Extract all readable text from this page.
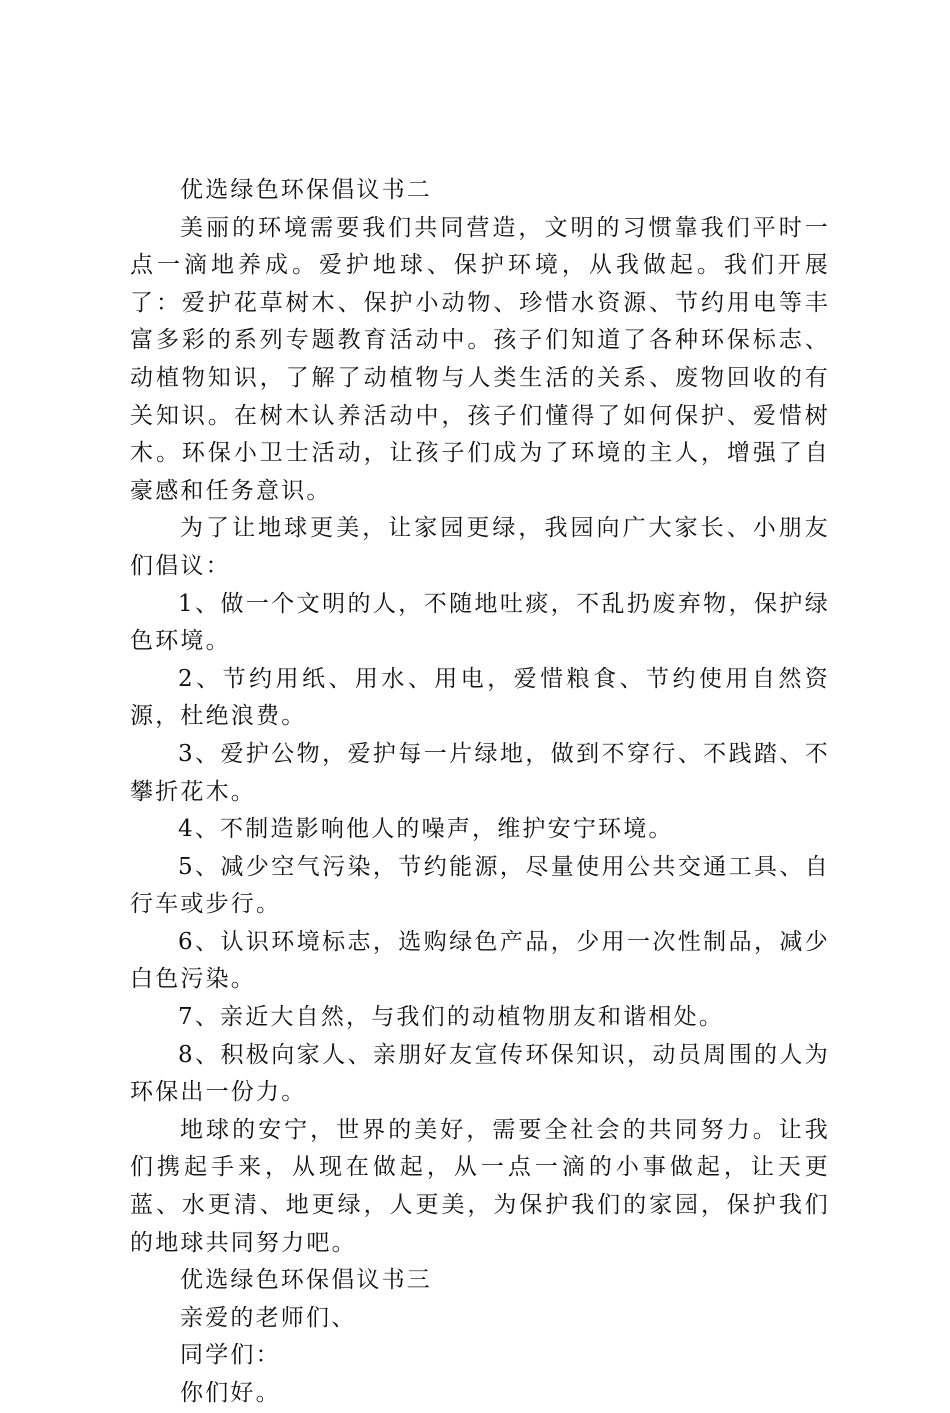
优选绿色环保倡议书二

美丽的环境需要我们共同营造，文明的习惯靠我们平时一点一滴地养成。爱护地球、保护环境，从我做起。我们开展了：爱护花草树木、保护小动物、珍惜水资源、节约用电等丰富多彩的系列专题教育活动中。孩子们知道了各种环保标志、动植物知识，了解了动植物与人类生活的关系、废物回收的有关知识。在树木认养活动中，孩子们懂得了如何保护、爱惜树木。环保小卫士活动，让孩子们成为了环境的主人，增强了自豪感和任务意识。

为了让地球更美，让家园更绿，我园向广大家长、小朋友们倡议：

1、做一个文明的人，不随地吐痰，不乱扔废弃物，保护绿色环境。

2、节约用纸、用水、用电，爱惜粮食、节约使用自然资源，杜绝浪费。

3、爱护公物，爱护每一片绿地，做到不穿行、不践踏、不攀折花木。

4、不制造影响他人的噪声，维护安宁环境。

5、减少空气污染，节约能源，尽量使用公共交通工具、自行车或步行。

6、认识环境标志，选购绿色产品，少用一次性制品，减少白色污染。

7、亲近大自然，与我们的动植物朋友和谐相处。

8、积极向家人、亲朋好友宣传环保知识，动员周围的人为环保出一份力。

地球的安宁，世界的美好，需要全社会的共同努力。让我们携起手来，从现在做起，从一点一滴的小事做起，让天更蓝、水更清、地更绿，人更美，为保护我们的家园，保护我们的地球共同努力吧。

优选绿色环保倡议书三

亲爱的老师们、

同学们：

你们好。
